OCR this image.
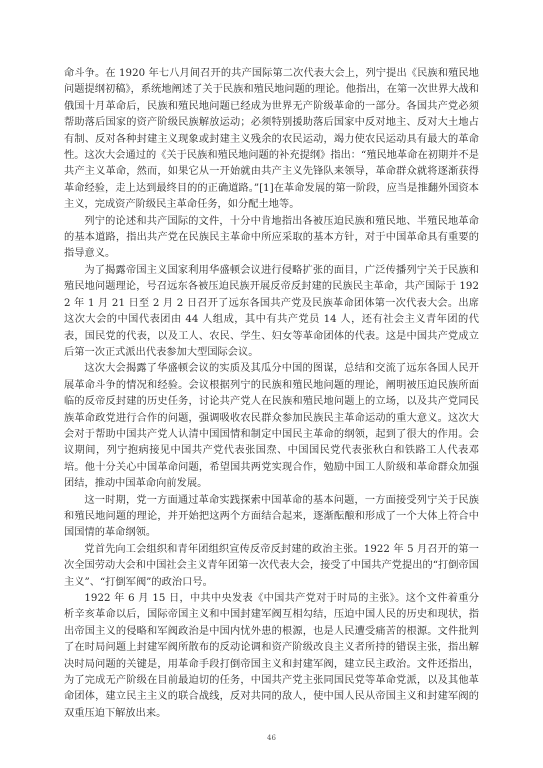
命斗争。在 1920 年七八月间召开的共产国际第二次代表大会上，列宁提出《民族和殖民地问题提纲初稿》，系统地阐述了关于民族和殖民地问题的理论。他指出，在第一次世界大战和俄国十月革命后，民族和殖民地问题已经成为世界无产阶级革命的一部分。各国共产党必须帮助落后国家的资产阶级民族解放运动；必须特别援助落后国家中反对地主、反对大土地占有制、反对各种封建主义现象或封建主义残余的农民运动，竭力使农民运动具有最大的革命性。这次大会通过的《关于民族和殖民地问题的补充提纲》指出：“殖民地革命在初期并不是共产主义革命，然而，如果它从一开始就由共产主义先锋队来领导，革命群众就将逐渐获得革命经验，走上达到最终目的的正确道路。”[1]在革命发展的第一阶段，应当是推翻外国资本主义，完成资产阶级民主革命任务，如分配土地等。

列宁的论述和共产国际的文件，十分中肯地指出各被压迫民族和殖民地、半殖民地革命的基本道路，指出共产党在民族民主革命中所应采取的基本方针，对于中国革命具有重要的指导意义。

为了揭露帝国主义国家利用华盛顿会议进行侵略扩张的面目，广泛传播列宁关于民族和殖民地问题理论，号召远东各被压迫民族开展反帝反封建的民族民主革命，共产国际于 1922 年 1 月 21 日至 2 月 2 日召开了远东各国共产党及民族革命团体第一次代表大会。出席这次大会的中国代表团由 44 人组成，其中有共产党员 14 人，还有社会主义青年团的代表，国民党的代表，以及工人、农民、学生、妇女等革命团体的代表。这是中国共产党成立后第一次正式派出代表参加大型国际会议。

这次大会揭露了华盛顿会议的实质及其瓜分中国的图谋，总结和交流了远东各国人民开展革命斗争的情况和经验。会议根据列宁的民族和殖民地问题的理论，阐明被压迫民族所面临的反帝反封建的历史任务，讨论共产党人在民族和殖民地问题上的立场，以及共产党同民族革命政党进行合作的问题，强调吸收农民群众参加民族民主革命运动的重大意义。这次大会对于帮助中国共产党人认清中国国情和制定中国民主革命的纲领，起到了很大的作用。会议期间，列宁抱病接见中国共产党代表张国焘、中国国民党代表张秋白和铁路工人代表邓培。他十分关心中国革命问题，希望国共两党实现合作，勉励中国工人阶级和革命群众加强团结，推动中国革命向前发展。

这一时期，党一方面通过革命实践探索中国革命的基本问题，一方面接受列宁关于民族和殖民地问题的理论，并开始把这两个方面结合起来，逐渐酝酿和形成了一个大体上符合中国国情的革命纲领。

党首先向工会组织和青年团组织宣传反帝反封建的政治主张。1922 年 5 月召开的第一次全国劳动大会和中国社会主义青年团第一次代表大会，接受了中国共产党提出的“打倒帝国主义”、“打倒军阀”的政治口号。

1922 年 6 月 15 日，中共中央发表《中国共产党对于时局的主张》。这个文件着重分析辛亥革命以后，国际帝国主义和中国封建军阀互相勾结，压迫中国人民的历史和现状，指出帝国主义的侵略和军阀政治是中国内忧外患的根源，也是人民遭受痛苦的根源。文件批判了在时局问题上封建军阀所散布的反动论调和资产阶级改良主义者所持的错误主张，指出解决时局问题的关键是，用革命手段打倒帝国主义和封建军阀，建立民主政治。文件还指出，为了完成无产阶级在目前最迫切的任务，中国共产党主张同国民党等革命党派，以及其他革命团体，建立民主主义的联合战线，反对共同的敌人，使中国人民从帝国主义和封建军阀的双重压迫下解放出来。

46
